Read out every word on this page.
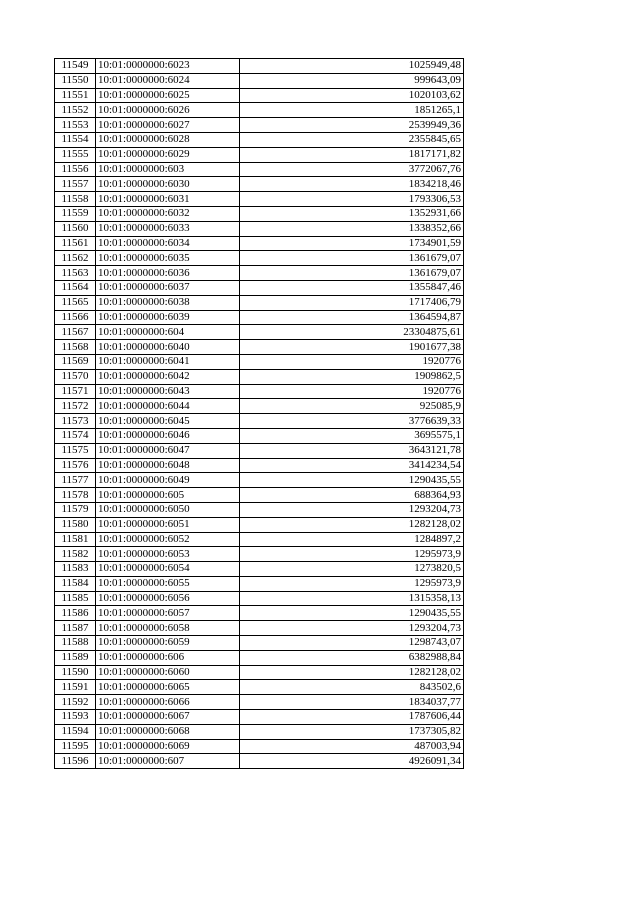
11549	10:01:0000000:6023	1025949,48
11550	10:01:0000000:6024	999643,09
11551	10:01:0000000:6025	1020103,62
11552	10:01:0000000:6026	1851265,1
11553	10:01:0000000:6027	2539949,36
11554	10:01:0000000:6028	2355845,65
11555	10:01:0000000:6029	1817171,82
11556	10:01:0000000:603	3772067,76
11557	10:01:0000000:6030	1834218,46
11558	10:01:0000000:6031	1793306,53
11559	10:01:0000000:6032	1352931,66
11560	10:01:0000000:6033	1338352,66
11561	10:01:0000000:6034	1734901,59
11562	10:01:0000000:6035	1361679,07
11563	10:01:0000000:6036	1361679,07
11564	10:01:0000000:6037	1355847,46
11565	10:01:0000000:6038	1717406,79
11566	10:01:0000000:6039	1364594,87
11567	10:01:0000000:604	23304875,61
11568	10:01:0000000:6040	1901677,38
11569	10:01:0000000:6041	1920776
11570	10:01:0000000:6042	1909862,5
11571	10:01:0000000:6043	1920776
11572	10:01:0000000:6044	925085,9
11573	10:01:0000000:6045	3776639,33
11574	10:01:0000000:6046	3695575,1
11575	10:01:0000000:6047	3643121,78
11576	10:01:0000000:6048	3414234,54
11577	10:01:0000000:6049	1290435,55
11578	10:01:0000000:605	688364,93
11579	10:01:0000000:6050	1293204,73
11580	10:01:0000000:6051	1282128,02
11581	10:01:0000000:6052	1284897,2
11582	10:01:0000000:6053	1295973,9
11583	10:01:0000000:6054	1273820,5
11584	10:01:0000000:6055	1295973,9
11585	10:01:0000000:6056	1315358,13
11586	10:01:0000000:6057	1290435,55
11587	10:01:0000000:6058	1293204,73
11588	10:01:0000000:6059	1298743,07
11589	10:01:0000000:606	6382988,84
11590	10:01:0000000:6060	1282128,02
11591	10:01:0000000:6065	843502,6
11592	10:01:0000000:6066	1834037,77
11593	10:01:0000000:6067	1787606,44
11594	10:01:0000000:6068	1737305,82
11595	10:01:0000000:6069	487003,94
11596	10:01:0000000:607	4926091,34
